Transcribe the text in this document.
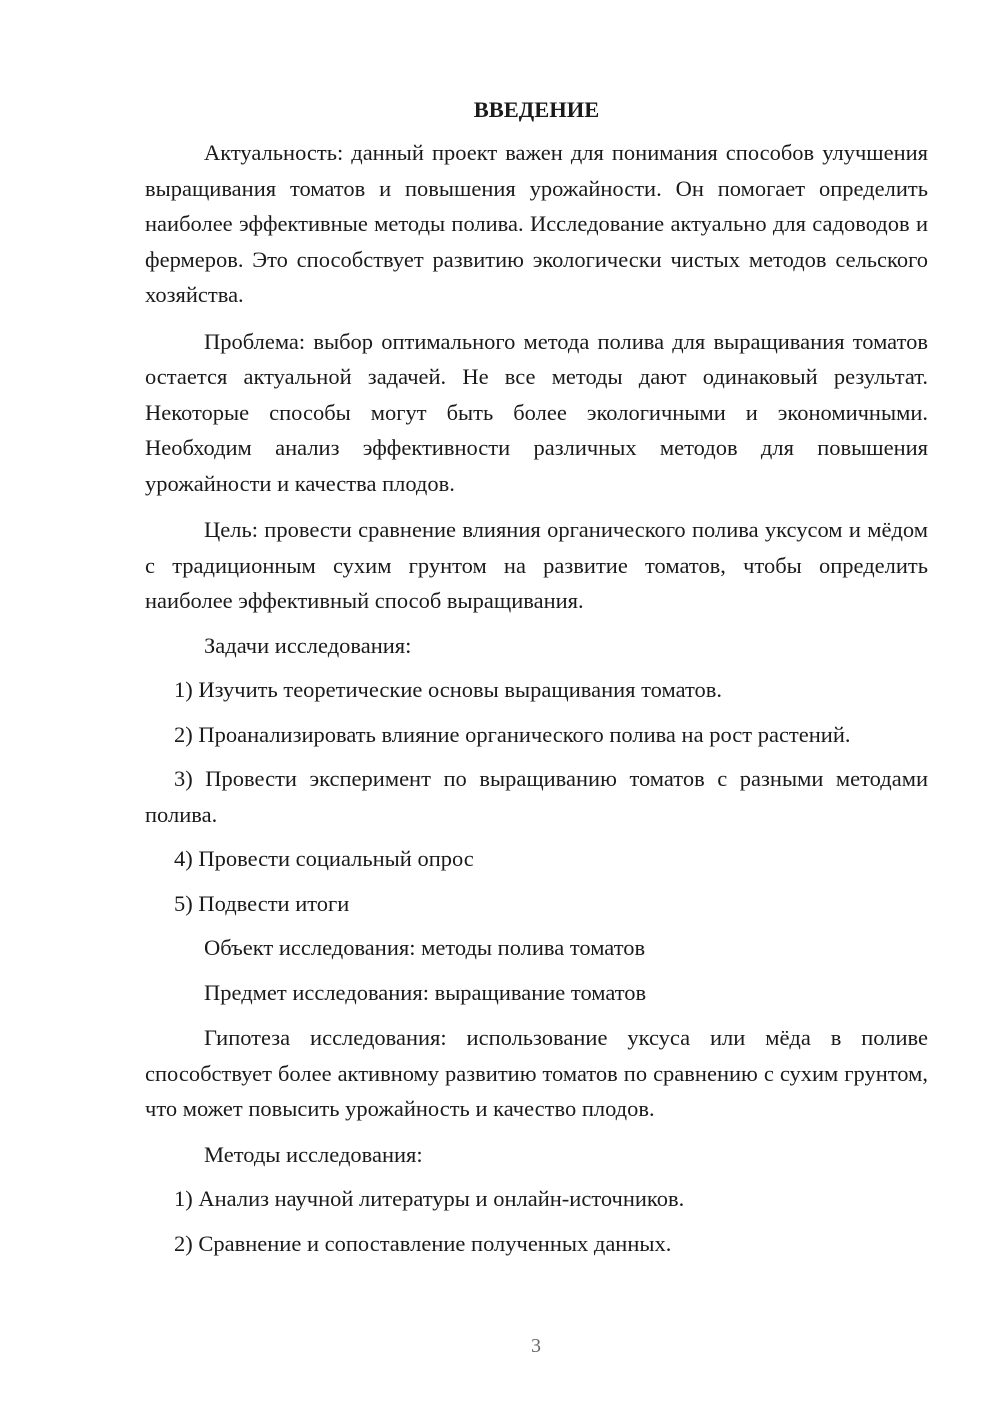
ВВЕДЕНИЕ

Актуальность: данный проект важен для понимания способов улучшения выращивания томатов и повышения урожайности. Он помогает определить наиболее эффективные методы полива. Исследование актуально для садоводов и фермеров. Это способствует развитию экологически чистых методов сельского хозяйства.

Проблема: выбор оптимального метода полива для выращивания томатов остается актуальной задачей. Не все методы дают одинаковый результат. Некоторые способы могут быть более экологичными и экономичными. Необходим анализ эффективности различных методов для повышения урожайности и качества плодов.

Цель: провести сравнение влияния органического полива уксусом и мёдом с традиционным сухим грунтом на развитие томатов, чтобы определить наиболее эффективный способ выращивания.

Задачи исследования:

1) Изучить теоретические основы выращивания томатов.

2) Проанализировать влияние органического полива на рост растений.

3) Провести эксперимент по выращиванию томатов с разными методами полива.

4) Провести социальный опрос

5) Подвести итоги

Объект исследования: методы полива томатов

Предмет исследования: выращивание томатов

Гипотеза исследования: использование уксуса или мёда в поливе способствует более активному развитию томатов по сравнению с сухим грунтом, что может повысить урожайность и качество плодов.

Методы исследования:

1) Анализ научной литературы и онлайн-источников.

2) Сравнение и сопоставление полученных данных.

3
